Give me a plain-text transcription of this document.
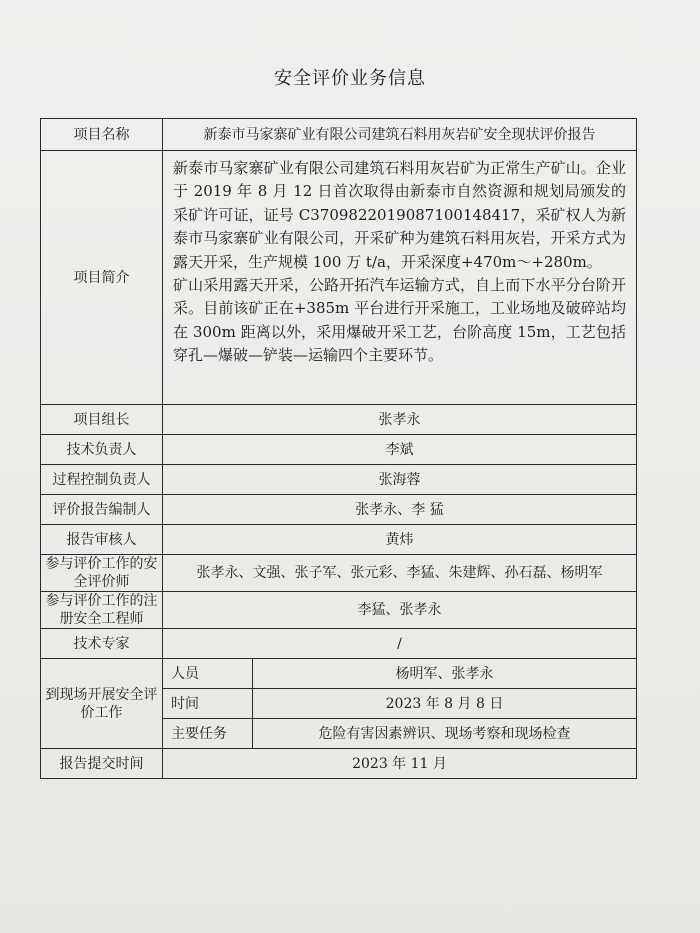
安全评价业务信息
项目名称	新泰市马家寨矿业有限公司建筑石料用灰岩矿安全现状评价报告	
项目简介	新泰市马家寨矿业有限公司建筑石料用灰岩矿为正常生产矿山。企业于 2019 年 8 月 12 日首次取得由新泰市自然资源和规划局颁发的采矿许可证，证号 C3709822019087100148417，采矿权人为新泰市马家寨矿业有限公司，开采矿种为建筑石料用灰岩，开采方式为露天开采，生产规模 100 万 t/a，开采深度+470m～+280m。

矿山采用露天开采，公路开拓汽车运输方式，自上而下水平分台阶开采。目前该矿正在+385m 平台进行开采施工，工业场地及破碎站均在 300m 距离以外，采用爆破开采工艺，台阶高度 15m，工艺包括穿孔—爆破—铲装—运输四个主要环节。	

项目组长	张孝永	
技术负责人	李斌	
过程控制负责人	张海蓉	
评价报告编制人	张孝永、李 猛	
报告审核人	黄炜	
参与评价工作的安全评价师	张孝永、文强、张子军、张元彩、李猛、朱建辉、孙石磊、杨明军	
参与评价工作的注册安全工程师	李猛、张孝永	
技术专家	/	
到现场开展安全评价工作	人员	杨明军、张孝永
	时间	2023 年 8 月 8 日
	主要任务	危险有害因素辨识、现场考察和现场检查
报告提交时间	2023 年 11 月	
